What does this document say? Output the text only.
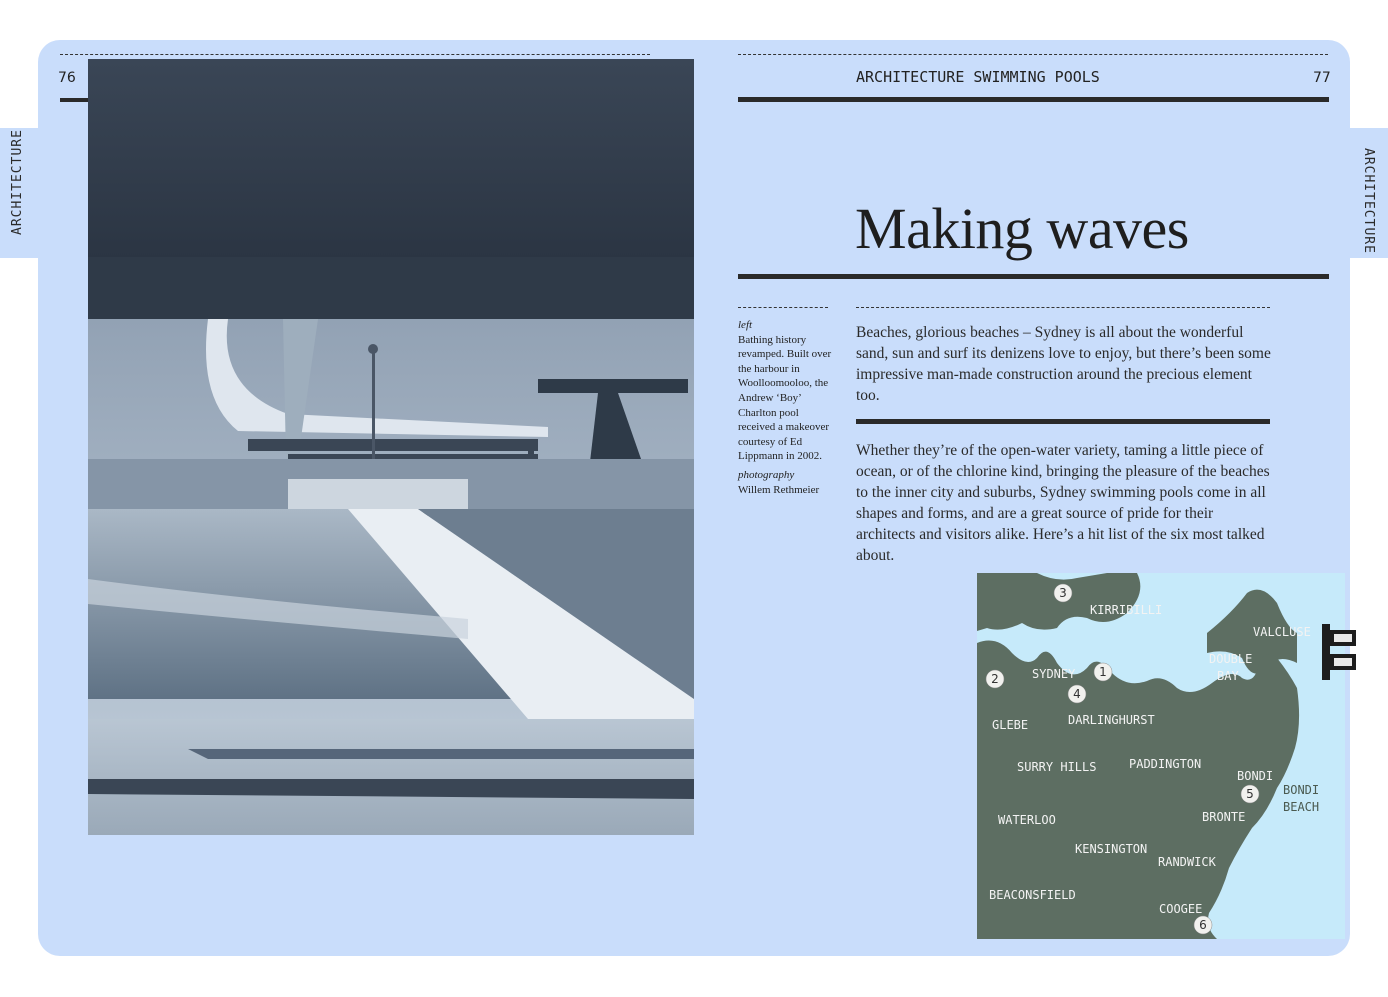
ARCHITECTURE	ARCHITECTURE
76	ARCHITECTURE SWIMMING POOLS	77
Making waves
left
Bathing history revamped. Built over the harbour in Woolloomooloo, the Andrew ‘Boy’ Charlton pool received a makeover courtesy of Ed Lippmann in 2002.
photography
Willem Rethmeier
Beaches, glorious beaches – Sydney is all about the wonderful sand, sun and surf its denizens love to enjoy, but there’s been some impressive man-made construction around the precious element too.
Whether they’re of the open-water variety, taming a little piece of ocean, or of the chlorine kind, bringing the pleasure of the beaches to the inner city and suburbs, Sydney swimming pools come in all shapes and forms, and are a great source of pride for their architects and visitors alike. Here’s a hit list of the six most talked about.
KIRRIBILLI
VALCLUSE
DOUBLE
BAY
SYDNEY
GLEBE	DARLINGHURST
SURRY HILLS	PADDINGTON
BONDI
BONDI
BEACH
WATERLOO	BRONTE
KENSINGTON
RANDWICK
BEACONSFIELD
COOGEE
1
2
3
4
5
6
